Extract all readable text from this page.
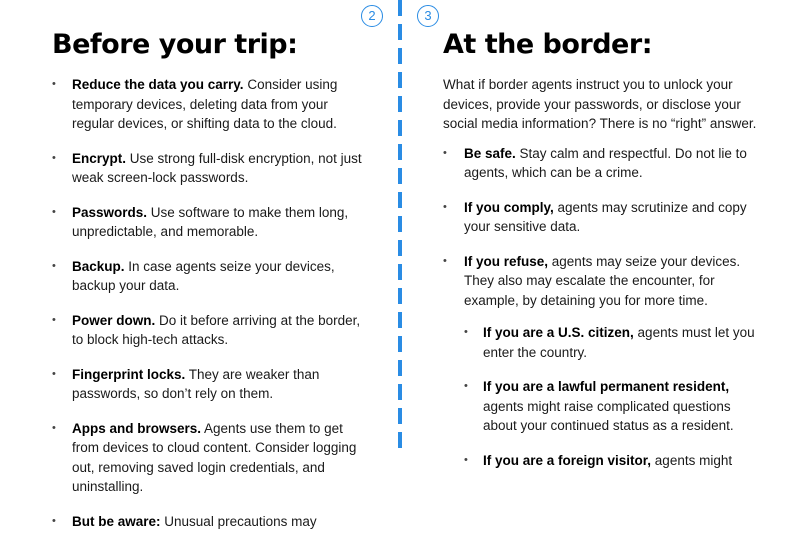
2	3
Before your trip:
• Reduce the data you carry. Consider using temporary devices, deleting data from your regular devices, or shifting data to the cloud.
• Encrypt. Use strong full-disk encryption, not just weak screen-lock passwords.
• Passwords. Use software to make them long, unpredictable, and memorable.
• Backup. In case agents seize your devices, backup your data.
• Power down. Do it before arriving at the border, to block high-tech attacks.
• Fingerprint locks. They are weaker than passwords, so don’t rely on them.
• Apps and browsers. Agents use them to get from devices to cloud content. Consider logging out, removing saved login credentials, and uninstalling.
• But be aware: Unusual precautions may
At the border:

What if border agents instruct you to unlock your devices, provide your passwords, or disclose your social media information? There is no “right” answer.

• Be safe. Stay calm and respectful. Do not lie to agents, which can be a crime.
• If you comply, agents may scrutinize and copy your sensitive data.
• If you refuse, agents may seize your devices. They also may escalate the encounter, for example, by detaining you for more time.
• If you are a U.S. citizen, agents must let you enter the country.
• If you are a lawful permanent resident, agents might raise complicated questions about your continued status as a resident.
• If you are a foreign visitor, agents might
